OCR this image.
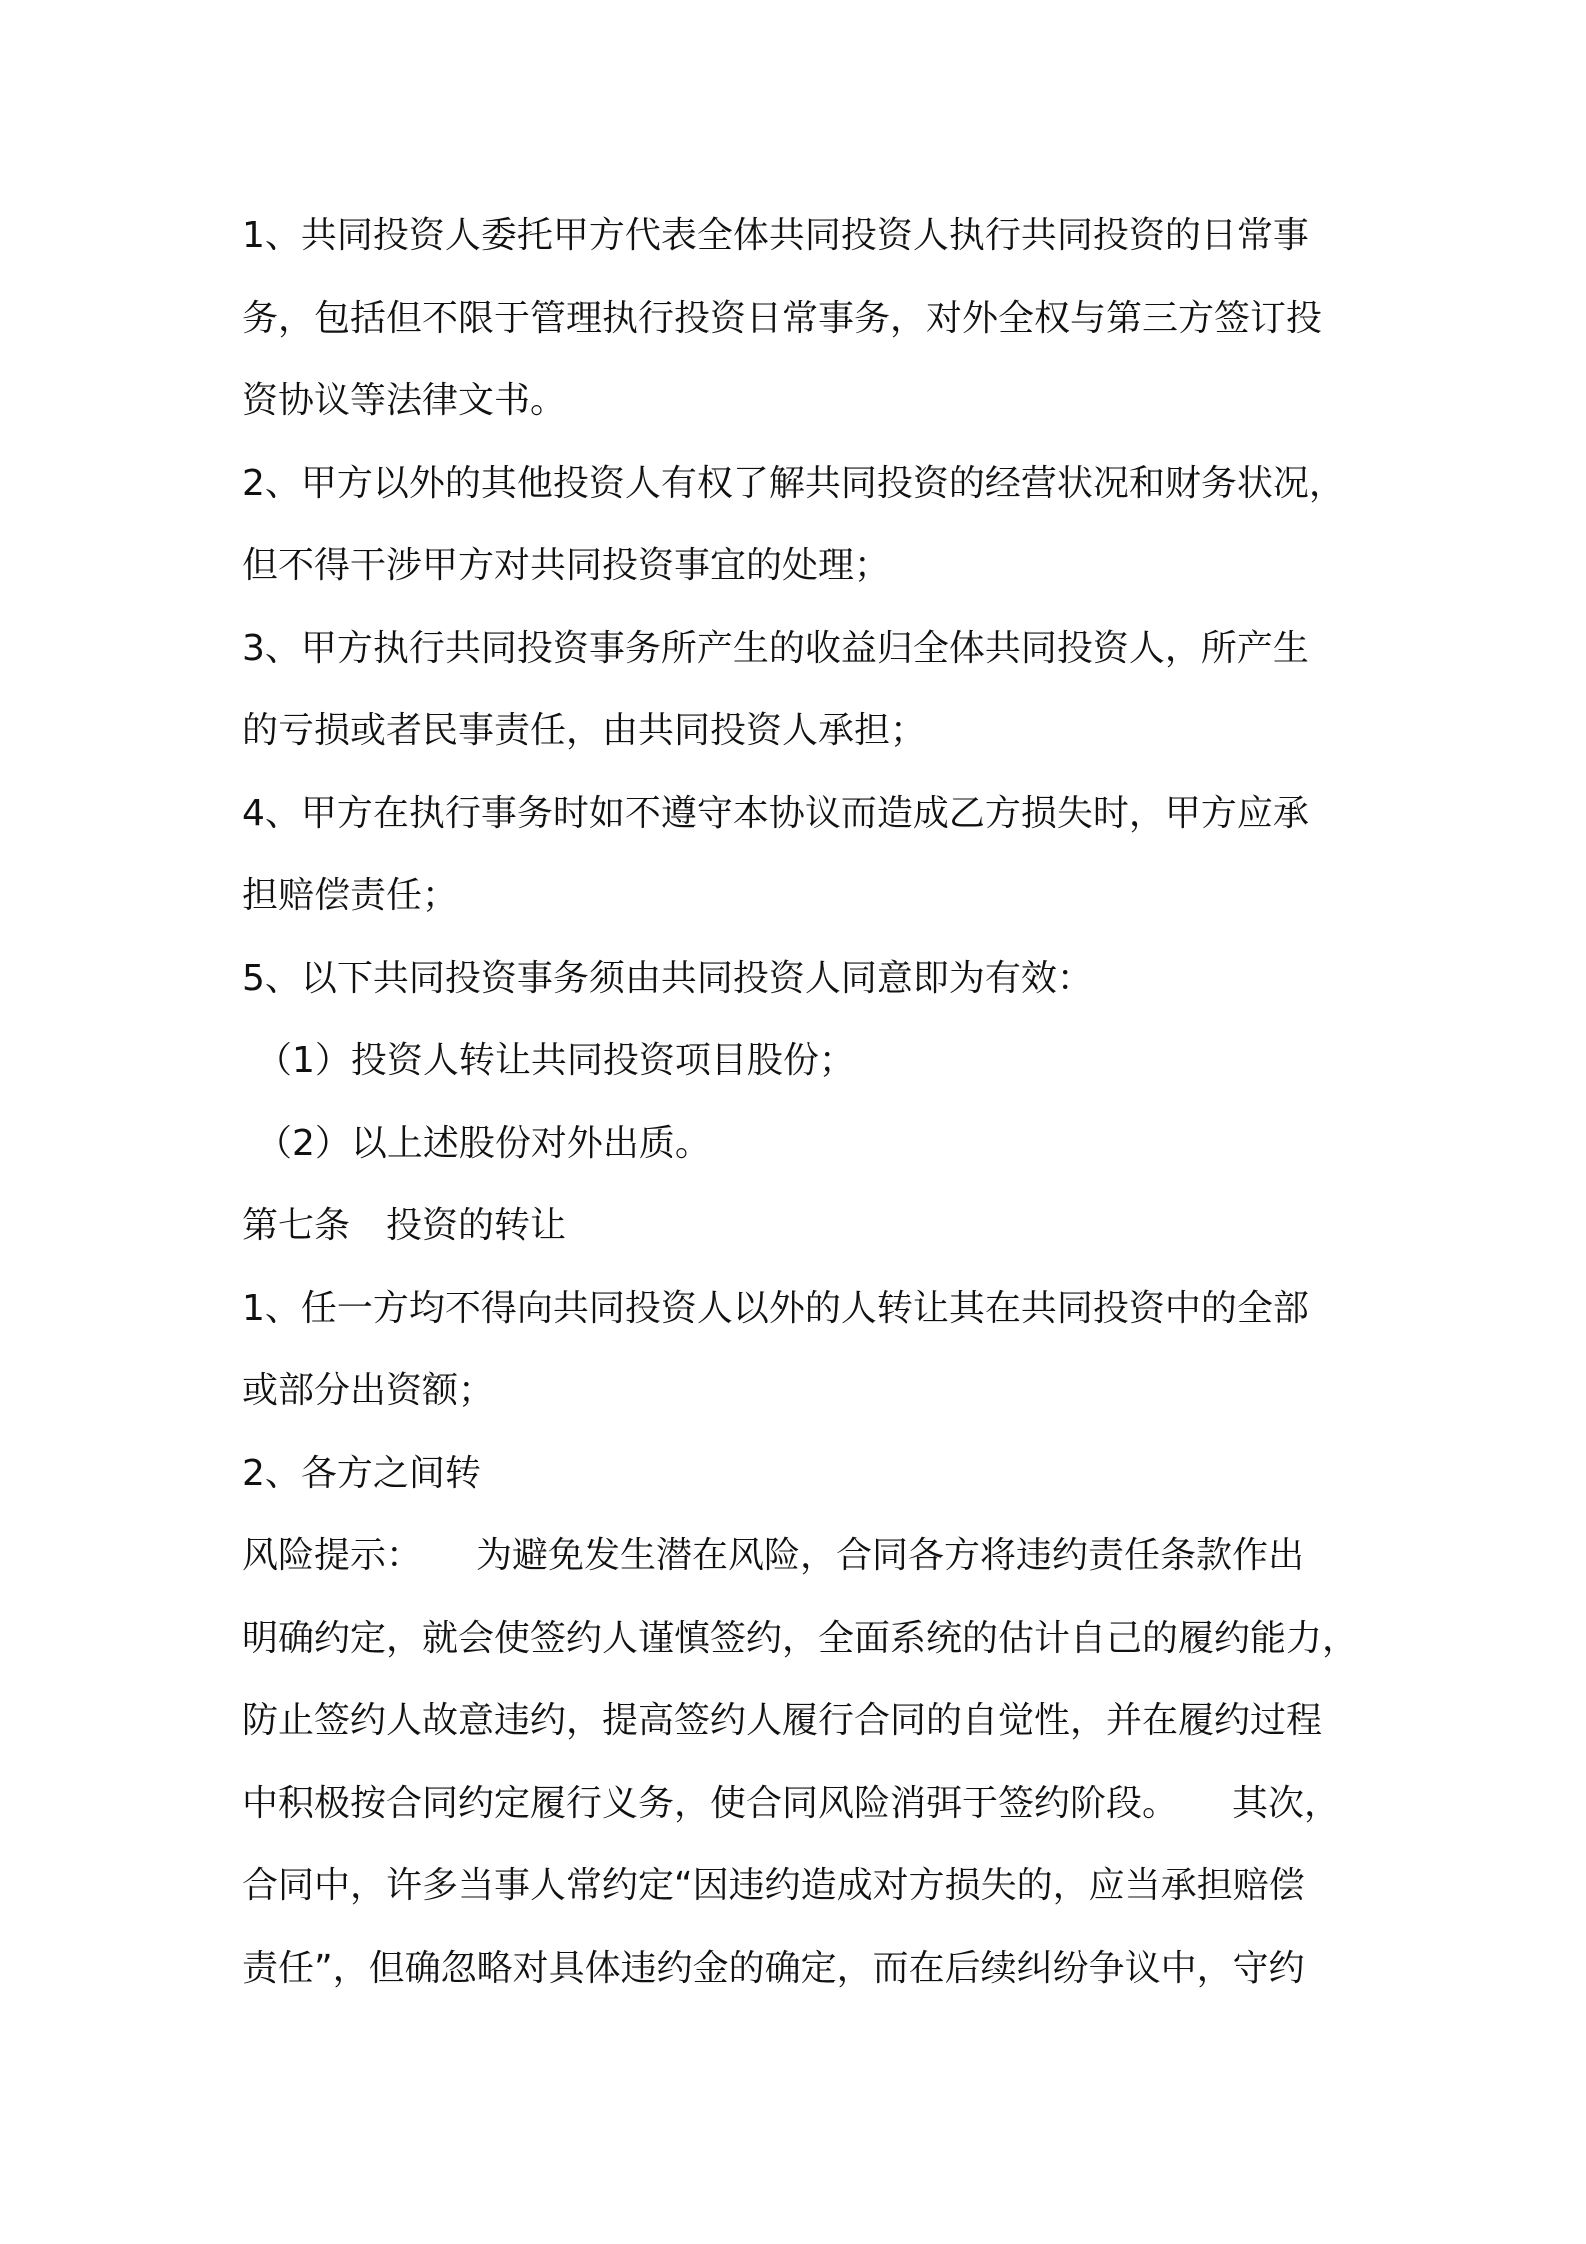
1、共同投资人委托甲方代表全体共同投资人执行共同投资的日常事
务，包括但不限于管理执行投资日常事务，对外全权与第三方签订投
资协议等法律文书。
2、甲方以外的其他投资人有权了解共同投资的经营状况和财务状况，
但不得干涉甲方对共同投资事宜的处理；
3、甲方执行共同投资事务所产生的收益归全体共同投资人，所产生
的亏损或者民事责任，由共同投资人承担；
4、甲方在执行事务时如不遵守本协议而造成乙方损失时，甲方应承
担赔偿责任；
5、以下共同投资事务须由共同投资人同意即为有效：
（1）投资人转让共同投资项目股份；
（2）以上述股份对外出质。
第七条　投资的转让
1、任一方均不得向共同投资人以外的人转让其在共同投资中的全部
或部分出资额；
2、各方之间转
风险提示：　　为避免发生潜在风险，合同各方将违约责任条款作出
明确约定，就会使签约人谨慎签约，全面系统的估计自己的履约能力，
防止签约人故意违约，提高签约人履行合同的自觉性，并在履约过程
中积极按合同约定履行义务，使合同风险消弭于签约阶段。　　其次，
合同中，许多当事人常约定“因违约造成对方损失的，应当承担赔偿
责任”，但确忽略对具体违约金的确定，而在后续纠纷争议中，守约
